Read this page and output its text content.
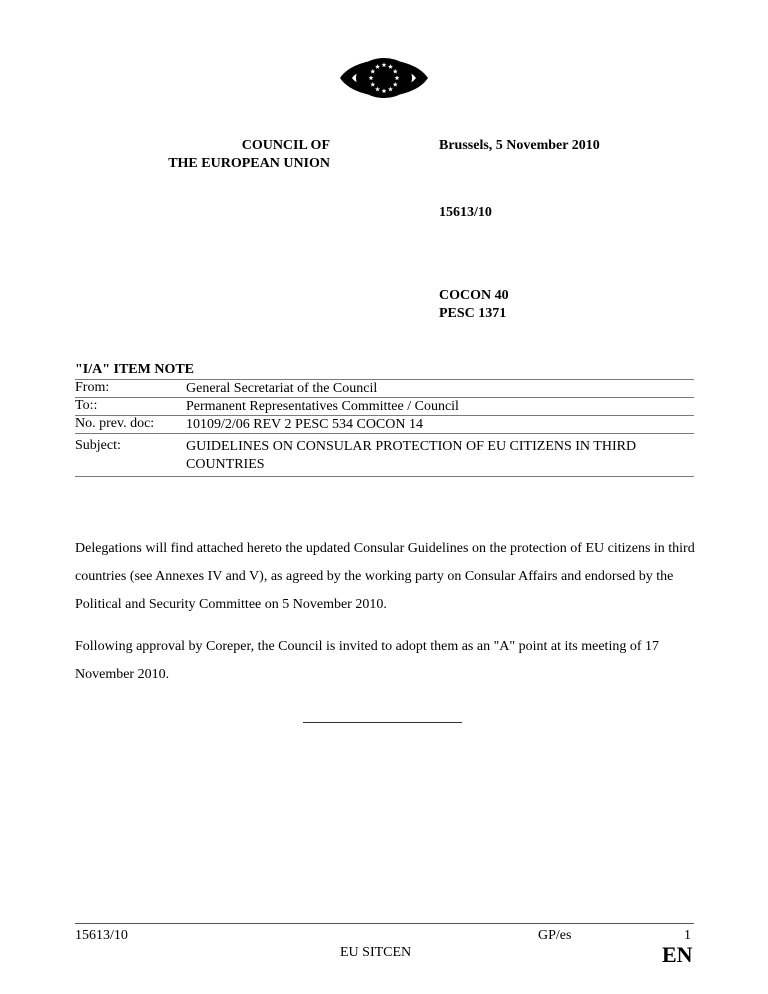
COUNCIL OF
THE EUROPEAN UNION
Brussels, 5 November 2010
15613/10
COCON 40
PESC 1371
"I/A" ITEM NOTE
From:	General Secretariat of the Council
To::	Permanent Representatives Committee / Council
No. prev. doc: 10109/2/06 REV 2 PESC 534 COCON 14
Subject:	GUIDELINES ON CONSULAR PROTECTION OF EU CITIZENS IN THIRD COUNTRIES
Delegations will find attached hereto the updated Consular Guidelines on the protection of EU citizens in third countries (see Annexes IV and V), as agreed by the working party on Consular Affairs and endorsed by the Political and Security Committee on 5 November 2010.
Following approval by Coreper, the Council is invited to adopt them as an "A" point at its meeting of 17 November 2010.
15613/10
EU SITCEN
GP/es	1
EN
